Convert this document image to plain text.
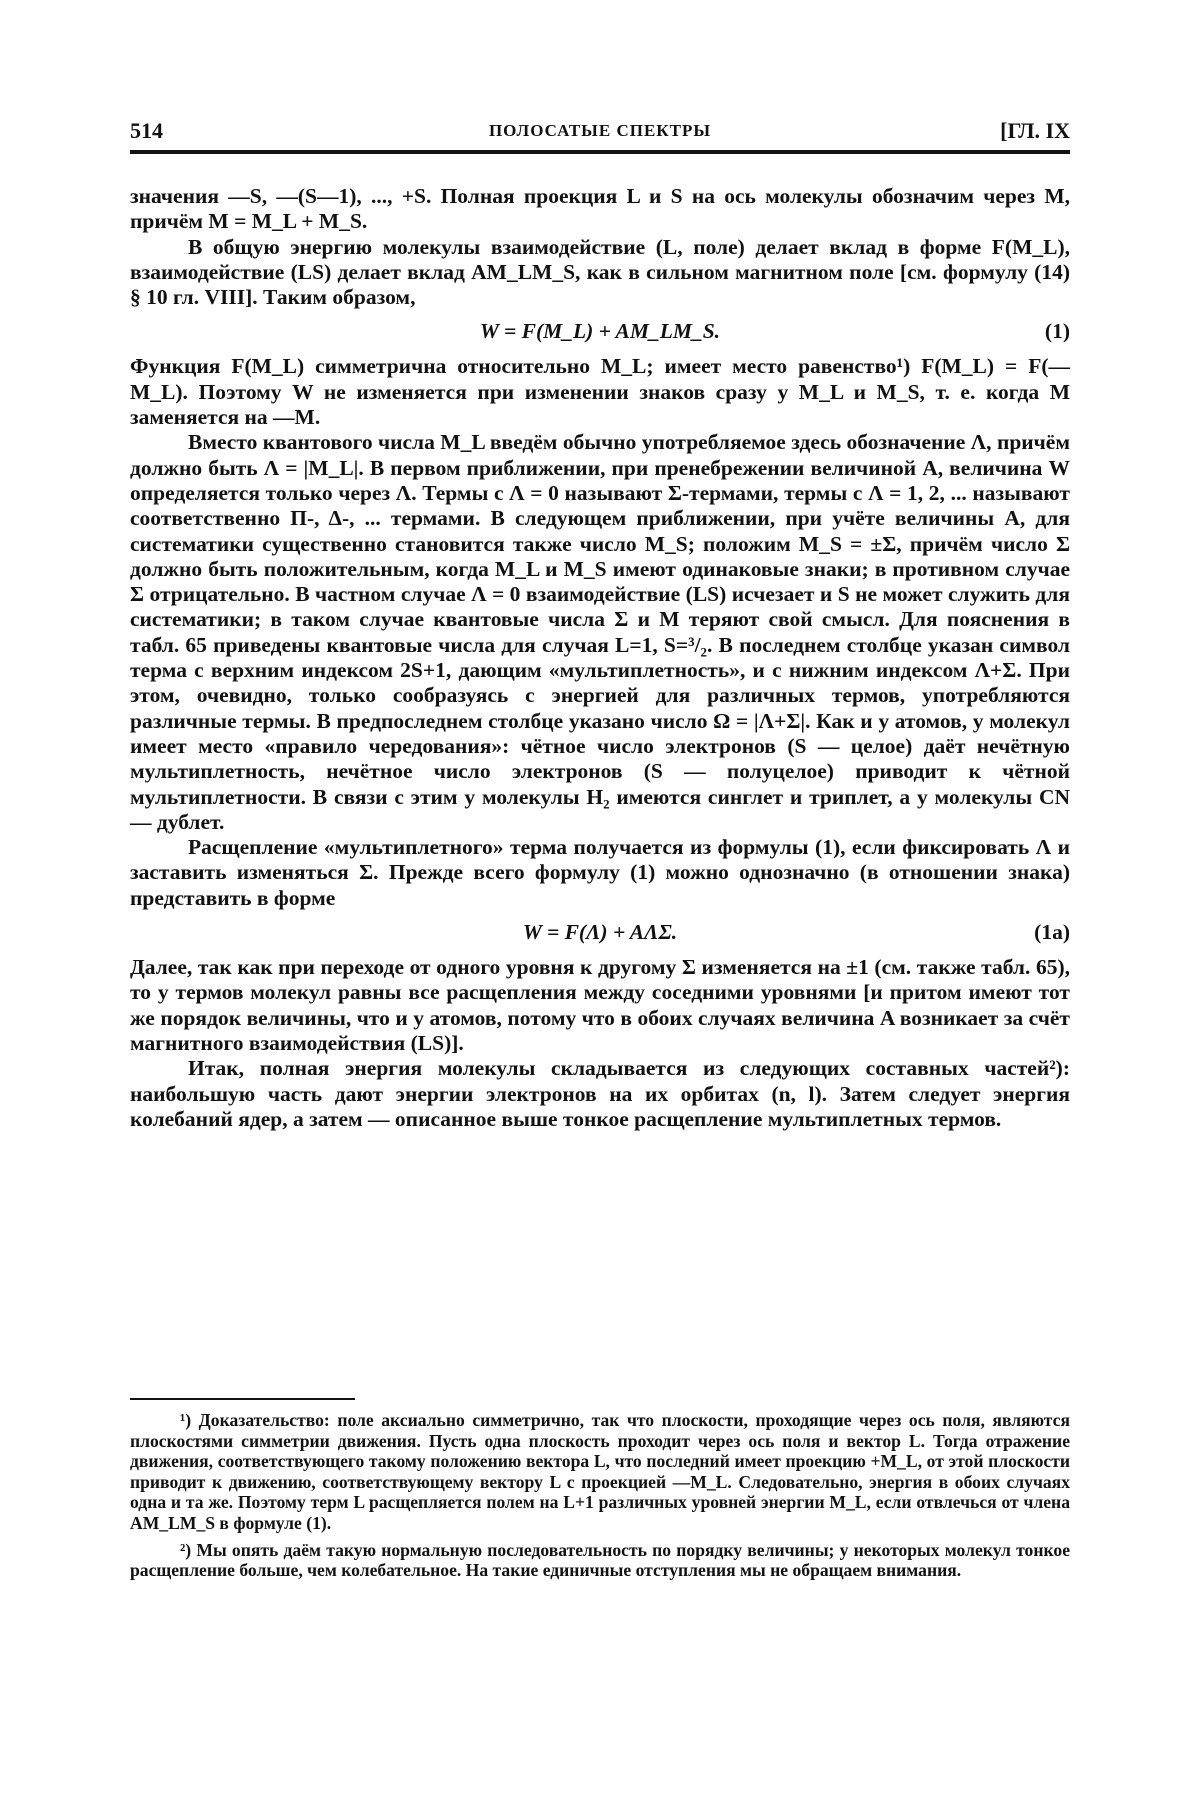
514	ПОЛОСАТЫЕ СПЕКТРЫ	[ГЛ. IX

значения —S, —(S—1), ..., +S. Полная проекция L и S на ось молекулы обозначим через M, причём M = M_L + M_S.

В общую энергию молекулы взаимодействие (L, поле) делает вклад в форме F(M_L), взаимодействие (LS) делает вклад AM_LM_S, как в сильном магнитном поле [см. формулу (14) § 10 гл. VIII]. Таким образом,

W = F(M_L) + AM_LM_S.	(1)

Функция F(M_L) симметрична относительно M_L; имеет место равенство¹) F(M_L) = F(—M_L). Поэтому W не изменяется при изменении знаков сразу у M_L и M_S, т. е. когда M заменяется на —M.

Вместо квантового числа M_L введём обычно употребляемое здесь обозначение Λ, причём должно быть Λ = |M_L|. В первом приближении, при пренебрежении величиной A, величина W определяется только через Λ. Термы с Λ = 0 называют Σ-термами, термы с Λ = 1, 2, ... называют соответственно Π-, Δ-, ... термами. В следующем приближении, при учёте величины A, для систематики существенно становится также число M_S; положим M_S = ±Σ, причём число Σ должно быть положительным, когда M_L и M_S имеют одинаковые знаки; в противном случае Σ отрицательно. В частном случае Λ = 0 взаимодействие (LS) исчезает и S не может служить для систематики; в таком случае квантовые числа Σ и M теряют свой смысл. Для пояснения в табл. 65 приведены квантовые числа для случая L=1, S=³/₂. В последнем столбце указан символ терма с верхним индексом 2S+1, дающим «мультиплетность», и с нижним индексом Λ+Σ. При этом, очевидно, только сообразуясь с энергией для различных термов, употребляются различные термы. В предпоследнем столбце указано число Ω = |Λ+Σ|. Как и у атомов, у молекул имеет место «правило чередования»: чётное число электронов (S — целое) даёт нечётную мультиплетность, нечётное число электронов (S — полуцелое) приводит к чётной мультиплетности. В связи с этим у молекулы H₂ имеются синглет и триплет, а у молекулы CN — дублет.

Расщепление «мультиплетного» терма получается из формулы (1), если фиксировать Λ и заставить изменяться Σ. Прежде всего формулу (1) можно однозначно (в отношении знака) представить в форме

W = F(Λ) + AΛΣ.	(1a)

Далее, так как при переходе от одного уровня к другому Σ изменяется на ±1 (см. также табл. 65), то у термов молекул равны все расщепления между соседними уровнями [и притом имеют тот же порядок величины, что и у атомов, потому что в обоих случаях величина A возникает за счёт магнитного взаимодействия (LS)].

Итак, полная энергия молекулы складывается из следующих составных частей²): наибольшую часть дают энергии электронов на их орбитах (n, l). Затем следует энергия колебаний ядер, а затем — описанное выше тонкое расщепление мультиплетных термов.

¹) Доказательство: поле аксиально симметрично, так что плоскости, проходящие через ось поля, являются плоскостями симметрии движения. Пусть одна плоскость проходит через ось поля и вектор L. Тогда отражение движения, соответствующего такому положению вектора L, что последний имеет проекцию +M_L, от этой плоскости приводит к движению, соответствующему вектору L с проекцией —M_L. Следовательно, энергия в обоих случаях одна и та же. Поэтому терм L расщепляется полем на L+1 различных уровней энергии M_L, если отвлечься от члена AM_LM_S в формуле (1).

²) Мы опять даём такую нормальную последовательность по порядку величины; у некоторых молекул тонкое расщепление больше, чем колебательное. На такие единичные отступления мы не обращаем внимания.
